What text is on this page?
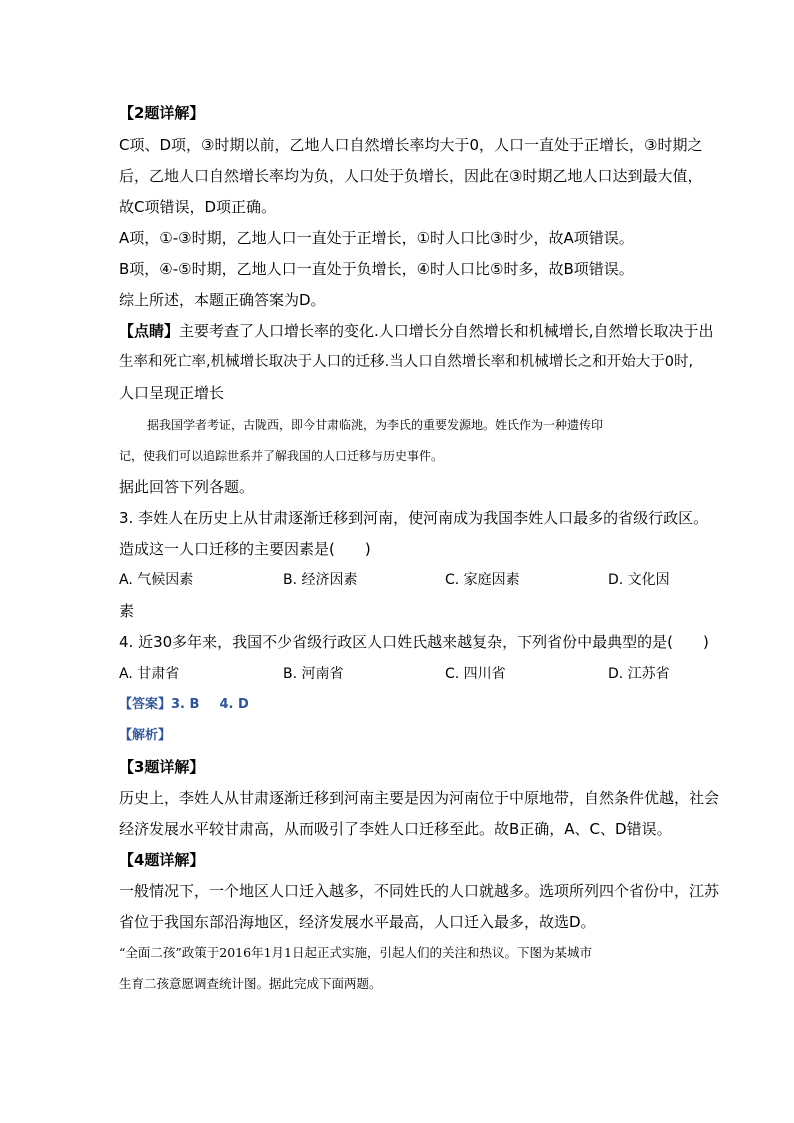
【2题详解】
C项、D项，③时期以前，乙地人口自然增长率均大于0，人口一直处于正增长，③时期之
后，乙地人口自然增长率均为负，人口处于负增长，因此在③时期乙地人口达到最大值，
故C项错误，D项正确。
A项，①-③时期，乙地人口一直处于正增长，①时人口比③时少，故A项错误。
B项，④-⑤时期，乙地人口一直处于负增长，④时人口比⑤时多，故B项错误。
综上所述，本题正确答案为D。
【点睛】主要考查了人口增长率的变化.人口增长分自然增长和机械增长,自然增长取决于出
生率和死亡率,机械增长取决于人口的迁移.当人口自然增长率和机械增长之和开始大于0时,
人口呈现正增长
据我国学者考证，古陇西，即今甘肃临洮，为李氏的重要发源地。姓氏作为一种遗传印
记，使我们可以追踪世系并了解我国的人口迁移与历史事件。
据此回答下列各题。
3. 李姓人在历史上从甘肃逐渐迁移到河南，使河南成为我国李姓人口最多的省级行政区。
造成这一人口迁移的主要因素是(　　)
A. 气候因素	B. 经济因素	C. 家庭因素	D. 文化因
素
4. 近30多年来，我国不少省级行政区人口姓氏越来越复杂，下列省份中最典型的是(　　)
A. 甘肃省	B. 河南省	C. 四川省	D. 江苏省
【答案】3. B 4. D
【解析】
【3题详解】
历史上，李姓人从甘肃逐渐迁移到河南主要是因为河南位于中原地带，自然条件优越，社会
经济发展水平较甘肃高，从而吸引了李姓人口迁移至此。故B正确，A、C、D错误。
【4题详解】
一般情况下，一个地区人口迁入越多，不同姓氏的人口就越多。选项所列四个省份中，江苏
省位于我国东部沿海地区，经济发展水平最高，人口迁入最多，故选D。
“全面二孩”政策于2016年1月1日起正式实施，引起人们的关注和热议。下图为某城市
生育二孩意愿调查统计图。据此完成下面两题。
